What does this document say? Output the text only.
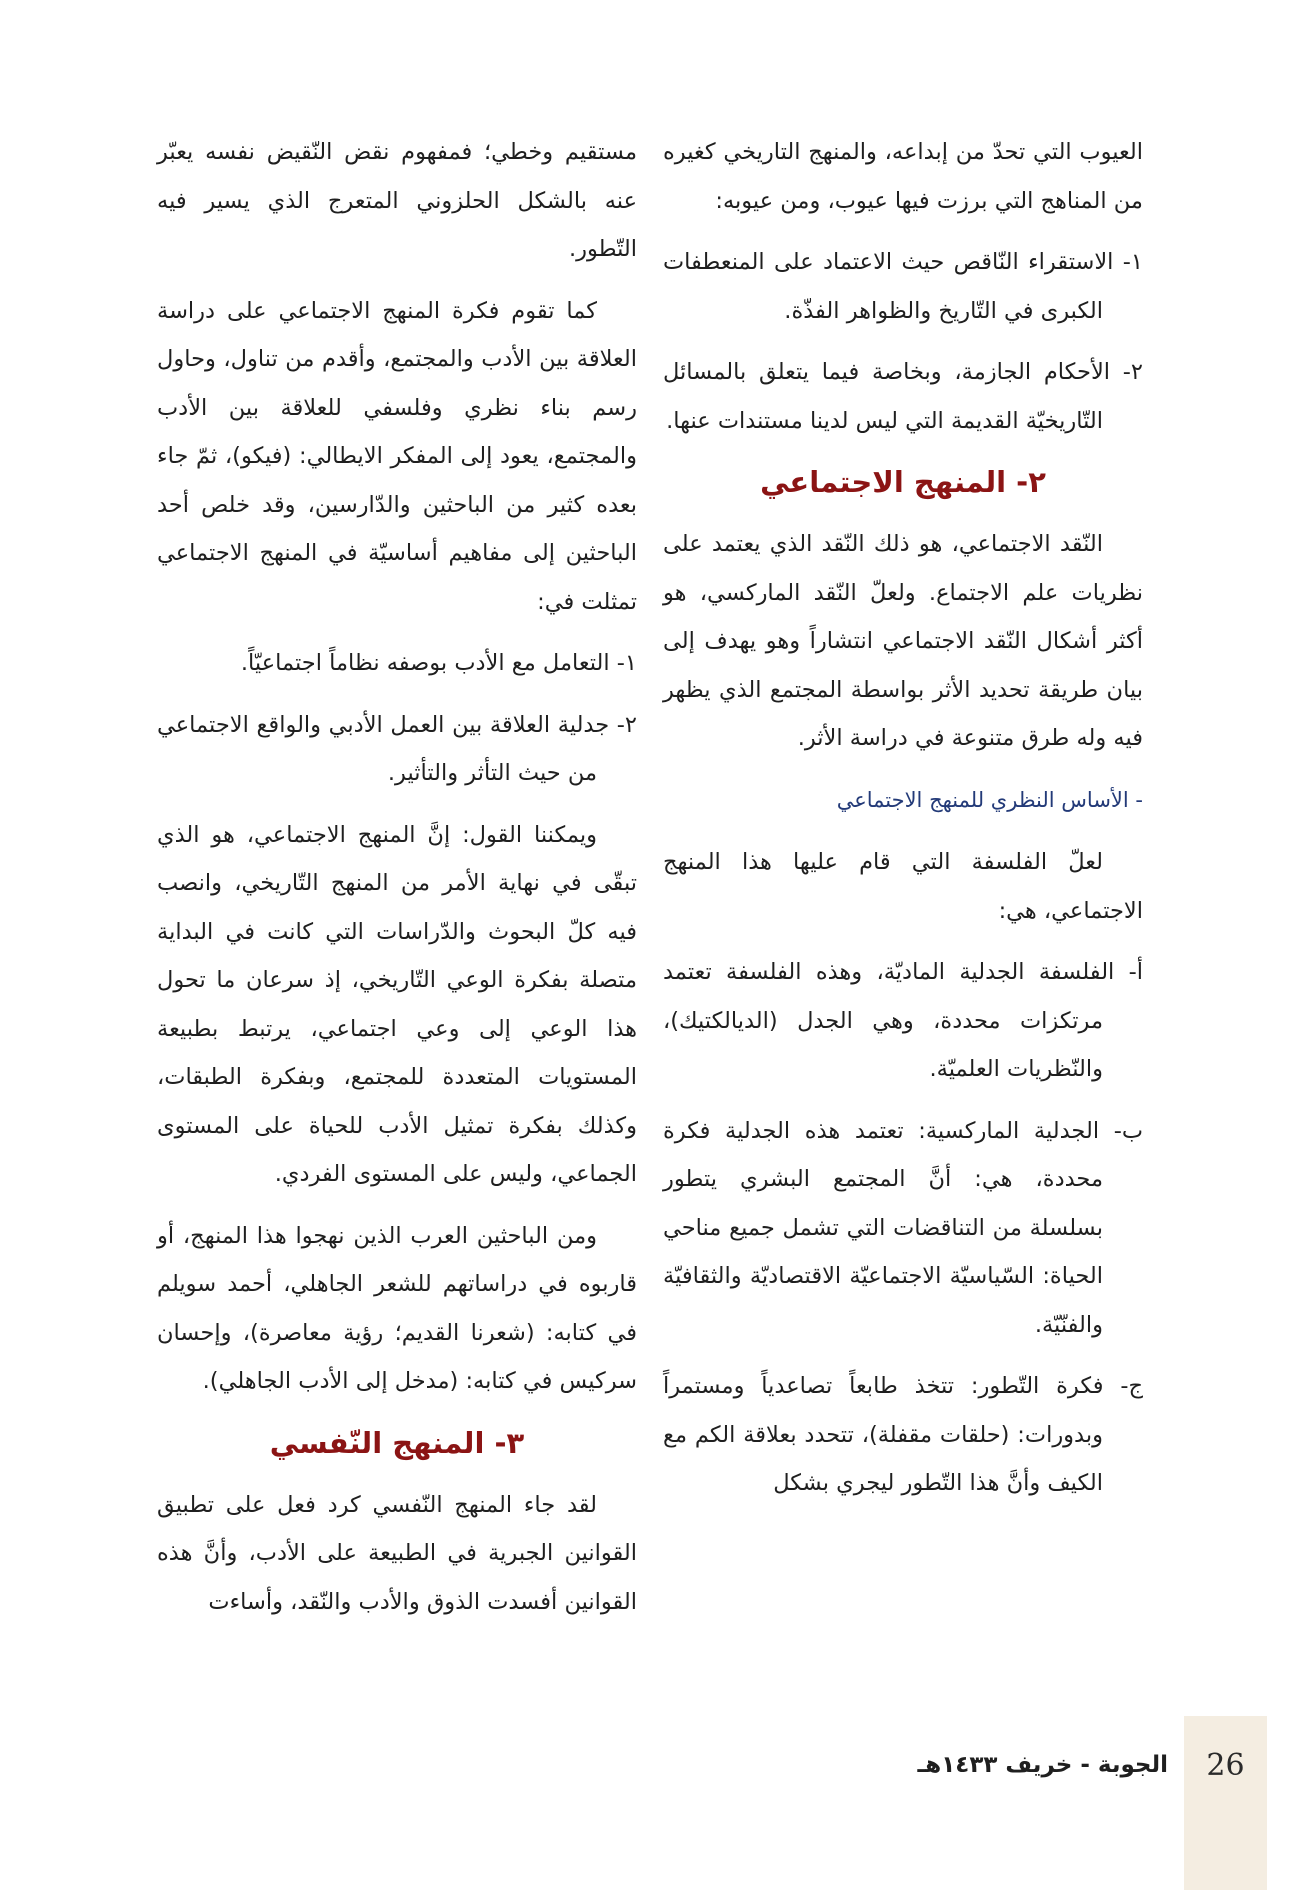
العيوب التي تحدّ من إبداعه، والمنهج التاريخي كغيره من المناهج التي برزت فيها عيوب، ومن عيوبه:

١- الاستقراء النّاقص حيث الاعتماد على المنعطفات الكبرى في التّاريخ والظواهر الفذّة.

٢- الأحكام الجازمة، وبخاصة فيما يتعلق بالمسائل التّاريخيّة القديمة التي ليس لدينا مستندات عنها.

٢- المنهج الاجتماعي

النّقد الاجتماعي، هو ذلك النّقد الذي يعتمد على نظريات علم الاجتماع. ولعلّ النّقد الماركسي، هو أكثر أشكال النّقد الاجتماعي انتشاراً وهو يهدف إلى بيان طريقة تحديد الأثر بواسطة المجتمع الذي يظهر فيه وله طرق متنوعة في دراسة الأثر.

- الأساس النظري للمنهج الاجتماعي

لعلّ الفلسفة التي قام عليها هذا المنهج الاجتماعي، هي:

أ- الفلسفة الجدلية الماديّة، وهذه الفلسفة تعتمد مرتكزات محددة، وهي الجدل (الديالكتيك)، والنّظريات العلميّة.

ب- الجدلية الماركسية: تعتمد هذه الجدلية فكرة محددة، هي: أنَّ المجتمع البشري يتطور بسلسلة من التناقضات التي تشمل جميع مناحي الحياة: السّياسيّة الاجتماعيّة الاقتصاديّة والثقافيّة والفنّيّة.

ج- فكرة التّطور: تتخذ طابعاً تصاعدياً ومستمراً وبدورات: (حلقات مقفلة)، تتحدد بعلاقة الكم مع الكيف وأنَّ هذا التّطور ليجري بشكل

مستقيم وخطي؛ فمفهوم نقض النّقيض نفسه يعبّر عنه بالشكل الحلزوني المتعرج الذي يسير فيه التّطور.

كما تقوم فكرة المنهج الاجتماعي على دراسة العلاقة بين الأدب والمجتمع، وأقدم من تناول، وحاول رسم بناء نظري وفلسفي للعلاقة بين الأدب والمجتمع، يعود إلى المفكر الايطالي: (فيكو)، ثمّ جاء بعده كثير من الباحثين والدّارسين، وقد خلص أحد الباحثين إلى مفاهيم أساسيّة في المنهج الاجتماعي تمثلت في:

١- التعامل مع الأدب بوصفه نظاماً اجتماعيّاً.

٢- جدلية العلاقة بين العمل الأدبي والواقع الاجتماعي من حيث التأثر والتأثير.

ويمكننا القول: إنَّ المنهج الاجتماعي، هو الذي تبقّى في نهاية الأمر من المنهج التّاريخي، وانصب فيه كلّ البحوث والدّراسات التي كانت في البداية متصلة بفكرة الوعي التّاريخي، إذ سرعان ما تحول هذا الوعي إلى وعي اجتماعي، يرتبط بطبيعة المستويات المتعددة للمجتمع، وبفكرة الطبقات، وكذلك بفكرة تمثيل الأدب للحياة على المستوى الجماعي، وليس على المستوى الفردي.

ومن الباحثين العرب الذين نهجوا هذا المنهج، أو قاربوه في دراساتهم للشعر الجاهلي، أحمد سويلم في كتابه: (شعرنا القديم؛ رؤية معاصرة)، وإحسان سركيس في كتابه: (مدخل إلى الأدب الجاهلي).

٣- المنهج النّفسي

لقد جاء المنهج النّفسي كرد فعل على تطبيق القوانين الجبرية في الطبيعة على الأدب، وأنَّ هذه القوانين أفسدت الذوق والأدب والنّقد، وأساءت

26
الجوبة - خريف ١٤٣٣هـ
